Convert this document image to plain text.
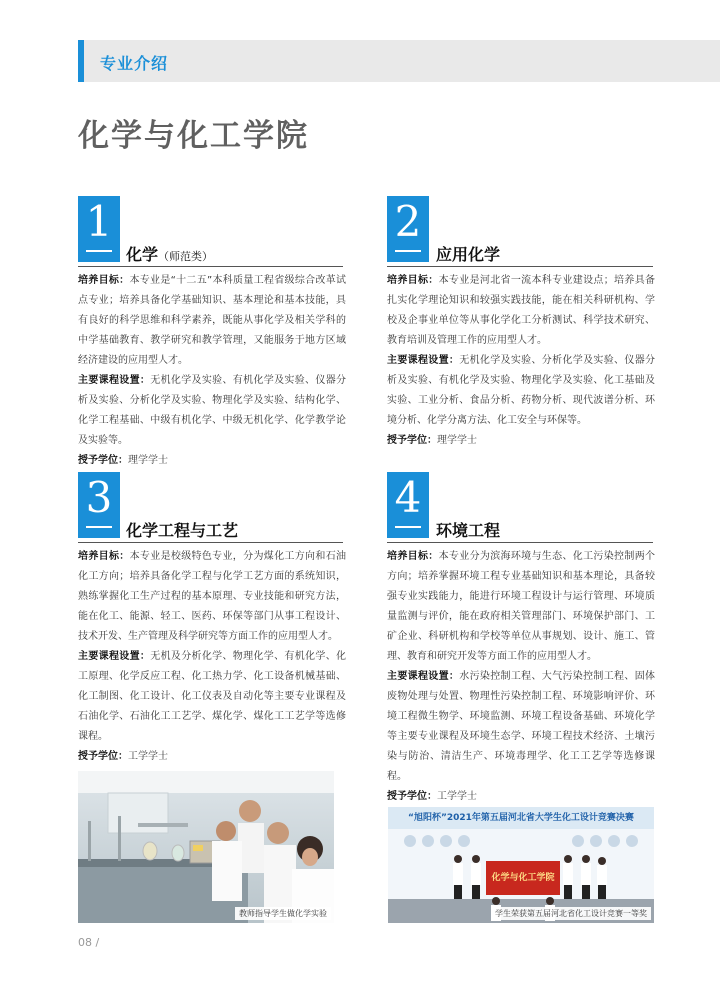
专业介绍
化学与化工学院
1
化学（师范类）

培养目标：本专业是“十二五”本科质量工程省级综合改革试点专业；培养具备化学基础知识、基本理论和基本技能，具有良好的科学思维和科学素养，既能从事化学及相关学科的中学基础教育、教学研究和教学管理，又能服务于地方区域经济建设的应用型人才。

主要课程设置：无机化学及实验、有机化学及实验、仪器分析及实验、分析化学及实验、物理化学及实验、结构化学、化学工程基础、中级有机化学、中级无机化学、化学教学论及实验等。

授予学位：理学学士

2
应用化学

培养目标：本专业是河北省一流本科专业建设点；培养具备扎实化学理论知识和较强实践技能，能在相关科研机构、学校及企事业单位等从事化学化工分析测试、科学技术研究、教育培训及管理工作的应用型人才。

主要课程设置：无机化学及实验、分析化学及实验、仪器分析及实验、有机化学及实验、物理化学及实验、化工基础及实验、工业分析、食品分析、药物分析、现代波谱分析、环境分析、化学分离方法、化工安全与环保等。

授予学位：理学学士

3
化学工程与工艺

培养目标：本专业是校级特色专业，分为煤化工方向和石油化工方向；培养具备化学工程与化学工艺方面的系统知识，熟练掌握化工生产过程的基本原理、专业技能和研究方法，能在化工、能源、轻工、医药、环保等部门从事工程设计、技术开发、生产管理及科学研究等方面工作的应用型人才。

主要课程设置：无机及分析化学、物理化学、有机化学、化工原理、化学反应工程、化工热力学、化工设备机械基础、化工制图、化工设计、化工仪表及自动化等主要专业课程及石油化学、石油化工工艺学、煤化学、煤化工工艺学等选修课程。

授予学位：工学学士

4
环境工程

培养目标：本专业分为滨海环境与生态、化工污染控制两个方向；培养掌握环境工程专业基础知识和基本理论，具备较强专业实践能力，能进行环境工程设计与运行管理、环境质量监测与评价，能在政府相关管理部门、环境保护部门、工矿企业、科研机构和学校等单位从事规划、设计、施工、管理、教育和研究开发等方面工作的应用型人才。

主要课程设置：水污染控制工程、大气污染控制工程、固体废物处理与处置、物理性污染控制工程、环境影响评价、环境工程微生物学、环境监测、环境工程设备基础、环境化学等主要专业课程及环境生态学、环境工程技术经济、土壤污染与防治、清洁生产、环境毒理学、化工工艺学等选修课程。

授予学位：工学学士

教师指导学生做化学实验
“旭阳杯”2021年第五届河北省大学生化工设计竞赛决赛
化学与化工学院
学生荣获第五届河北省化工设计竞赛一等奖
08 /
